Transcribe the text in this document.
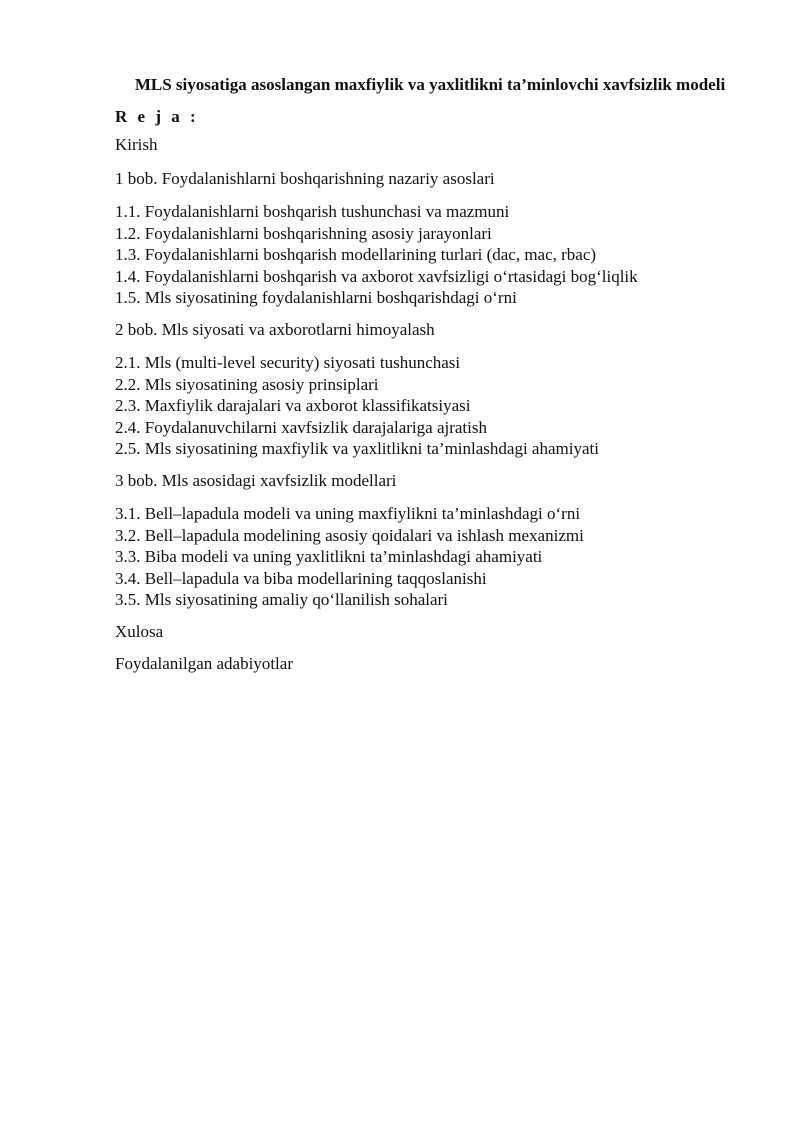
MLS siyosatiga asoslangan maxfiylik va yaxlitlikni ta’minlovchi xavfsizlik modeli
R e j a :
Kirish
1 bob. Foydalanishlarni boshqarishning nazariy asoslari
1.1. Foydalanishlarni boshqarish tushunchasi va mazmuni
1.2. Foydalanishlarni boshqarishning asosiy jarayonlari
1.3. Foydalanishlarni boshqarish modellarining turlari (dac, mac, rbac)
1.4. Foydalanishlarni boshqarish va axborot xavfsizligi o‘rtasidagi bog‘liqlik
1.5. Mls siyosatining foydalanishlarni boshqarishdagi o‘rni
2 bob. Mls siyosati va axborotlarni himoyalash
2.1. Mls (multi-level security) siyosati tushunchasi
2.2. Mls siyosatining asosiy prinsiplari
2.3. Maxfiylik darajalari va axborot klassifikatsiyasi
2.4. Foydalanuvchilarni xavfsizlik darajalariga ajratish
2.5. Mls siyosatining maxfiylik va yaxlitlikni ta’minlashdagi ahamiyati
3 bob. Mls asosidagi xavfsizlik modellari
3.1. Bell–lapadula modeli va uning maxfiylikni ta’minlashdagi o‘rni
3.2. Bell–lapadula modelining asosiy qoidalari va ishlash mexanizmi
3.3. Biba modeli va uning yaxlitlikni ta’minlashdagi ahamiyati
3.4. Bell–lapadula va biba modellarining taqqoslanishi
3.5. Mls siyosatining amaliy qo‘llanilish sohalari
Xulosa
Foydalanilgan adabiyotlar
